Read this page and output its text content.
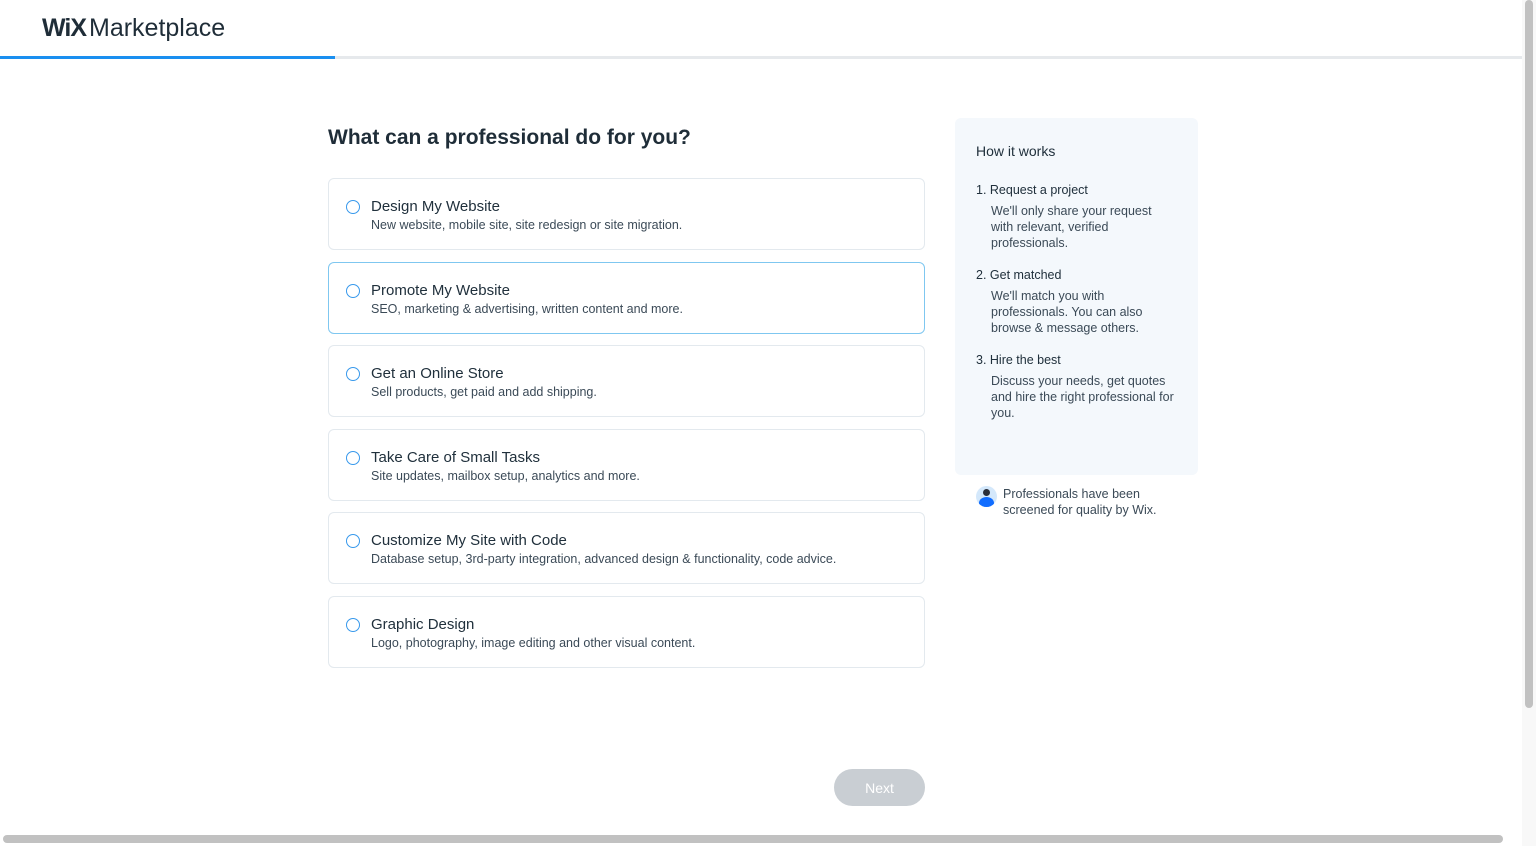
WiX Marketplace
What can a professional do for you?
Design My Website
New website, mobile site, site redesign or site migration.
Promote My Website
SEO, marketing & advertising, written content and more.
Get an Online Store
Sell products, get paid and add shipping.
Take Care of Small Tasks
Site updates, mailbox setup, analytics and more.
Customize My Site with Code
Database setup, 3rd-party integration, advanced design & functionality, code advice.
Graphic Design
Logo, photography, image editing and other visual content.
How it works
1. Request a project
We'll only share your request with relevant, verified professionals.
2. Get matched
We'll match you with professionals. You can also browse & message others.
3. Hire the best
Discuss your needs, get quotes and hire the right professional for you.
Professionals have been screened for quality by Wix.
Next
